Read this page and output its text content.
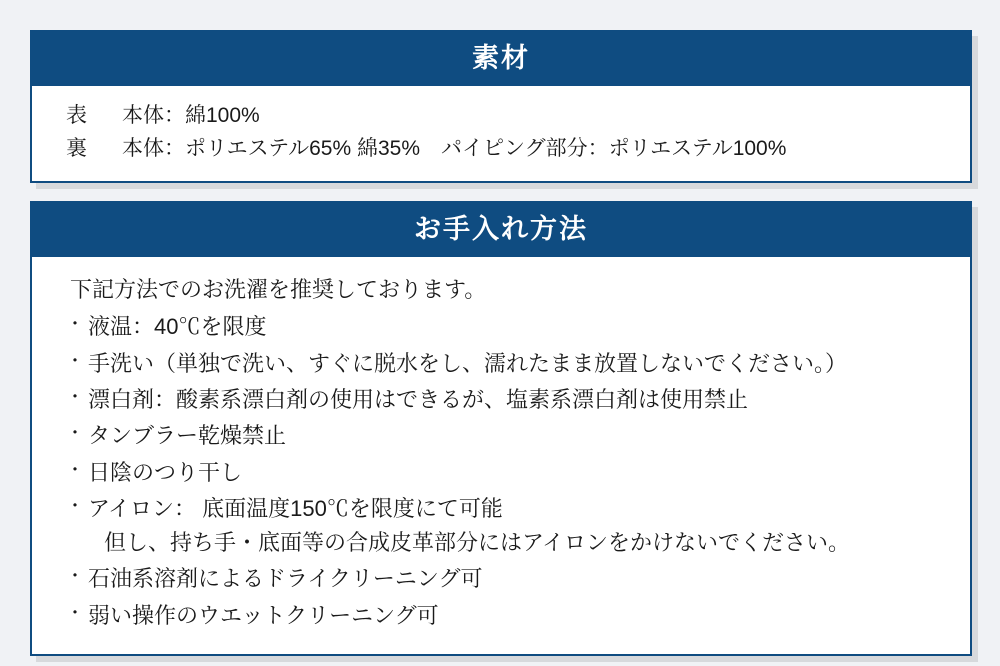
素材
表	本体：綿100%
裏	本体：ポリエステル65% 綿35%　パイピング部分：ポリエステル100%
お手入れ方法

下記方法でのお洗濯を推奨しております。

・ 液温：40℃を限度
・ 手洗い（単独で洗い、すぐに脱水をし、濡れたまま放置しないでください。）
・ 漂白剤：酸素系漂白剤の使用はできるが、塩素系漂白剤は使用禁止
・ タンブラー乾燥禁止
・ 日陰のつり干し
・ アイロン： 底面温度150℃を限度にて可能
但し、持ち手・底面等の合成皮革部分にはアイロンをかけないでください。
・ 石油系溶剤によるドライクリーニング可
・ 弱い操作のウエットクリーニング可
